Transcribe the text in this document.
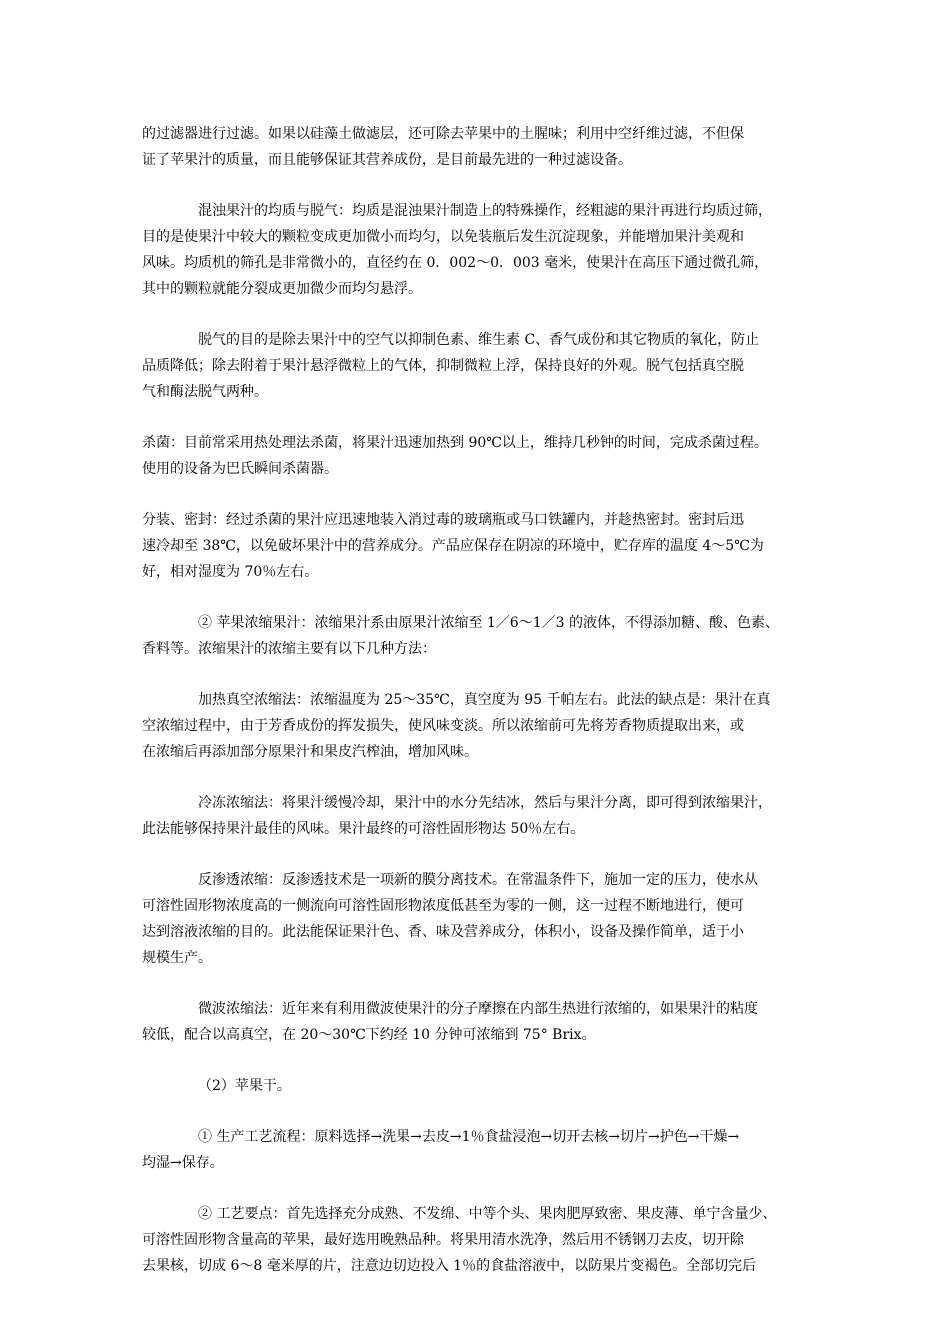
的过滤器进行过滤。如果以硅藻土做滤层，还可除去苹果中的土腥味；利用中空纤维过滤，不但保
证了苹果汁的质量，而且能够保证其营养成份，是目前最先进的一种过滤设备。

混浊果汁的均质与脱气：均质是混浊果汁制造上的特殊操作，经粗滤的果汁再进行均质过筛，
目的是使果汁中较大的颗粒变成更加微小而均匀，以免装瓶后发生沉淀现象，并能增加果汁美观和
风味。均质机的筛孔是非常微小的，直径约在 0．002～0．003 毫米，使果汁在高压下通过微孔筛，
其中的颗粒就能分裂成更加微少而均匀悬浮。

脱气的目的是除去果汁中的空气以抑制色素、维生素 C、香气成份和其它物质的氧化，防止
品质降低；除去附着于果汁悬浮微粒上的气体，抑制微粒上浮，保持良好的外观。脱气包括真空脱
气和酶法脱气两种。

杀菌：目前常采用热处理法杀菌，将果汁迅速加热到 90℃以上，维持几秒钟的时间，完成杀菌过程。
使用的设备为巴氏瞬间杀菌器。

分装、密封：经过杀菌的果汁应迅速地装入消过毒的玻璃瓶或马口铁罐内，并趁热密封。密封后迅
速冷却至 38℃，以免破坏果汁中的营养成分。产品应保存在阴凉的环境中，贮存库的温度 4～5℃为
好，相对湿度为 70％左右。

② 苹果浓缩果汁：浓缩果汁系由原果汁浓缩至 1／6～1／3 的液体，不得添加糖、酸、色素、
香料等。浓缩果汁的浓缩主要有以下几种方法：

加热真空浓缩法：浓缩温度为 25～35℃，真空度为 95 千帕左右。此法的缺点是：果汁在真
空浓缩过程中，由于芳香成份的挥发损失，使风味变淡。所以浓缩前可先将芳香物质提取出来，或
在浓缩后再添加部分原果汁和果皮汽榨油，增加风味。

冷冻浓缩法：将果汁缓慢冷却，果汁中的水分先结冰，然后与果汁分离，即可得到浓缩果汁，
此法能够保持果汁最佳的风味。果汁最终的可溶性固形物达 50％左右。

反渗透浓缩：反渗透技术是一项新的膜分离技术。在常温条件下，施加一定的压力，使水从
可溶性固形物浓度高的一侧流向可溶性固形物浓度低甚至为零的一侧，这一过程不断地进行，便可
达到溶液浓缩的目的。此法能保证果汁色、香、味及营养成分，体积小，设备及操作简单，适于小
规模生产。

微波浓缩法：近年来有利用微波使果汁的分子摩擦在内部生热进行浓缩的，如果果汁的粘度
较低，配合以高真空，在 20～30℃下约经 10 分钟可浓缩到 75° Brix。

（2）苹果干。

① 生产工艺流程：原料选择→洗果→去皮→1％食盐浸泡→切开去核→切片→护色→干燥→
均湿→保存。

② 工艺要点：首先选择充分成熟、不发绵、中等个头、果肉肥厚致密、果皮薄、单宁含量少、
可溶性固形物含量高的苹果，最好选用晚熟品种。将果用清水洗净，然后用不锈钢刀去皮，切开除
去果核，切成 6～8 毫米厚的片，注意边切边投入 1％的食盐溶液中，以防果片变褐色。全部切完后
